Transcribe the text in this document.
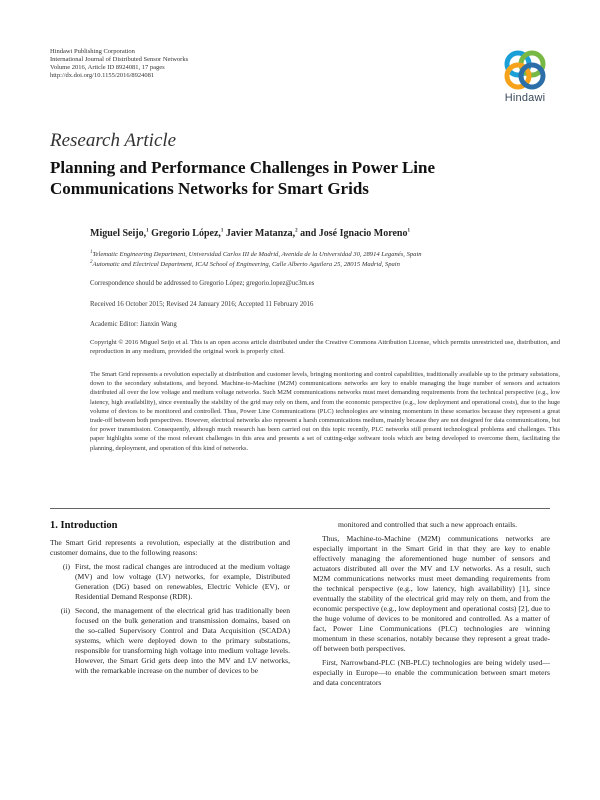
Hindawi Publishing Corporation
International Journal of Distributed Sensor Networks
Volume 2016, Article ID 8924081, 17 pages
http://dx.doi.org/10.1155/2016/8924081
Hindawi
Research Article
Planning and Performance Challenges in Power Line Communications Networks for Smart Grids
Miguel Seijo,$^1$ Gregorio López,$^1$ Javier Matanza,$^2$ and José Ignacio Moreno$^1$
$^1$Telematic Engineering Department, Universidad Carlos III de Madrid, Avenida de la Universidad 30, 28914 Leganés, Spain
$^2$Automatic and Electrical Department, ICAI School of Engineering, Calle Alberto Aguilera 25, 28015 Madrid, Spain
Correspondence should be addressed to Gregorio López; gregorio.lopez@uc3m.es
Received 16 October 2015; Revised 24 January 2016; Accepted 11 February 2016
Academic Editor: Jianxin Wang
Copyright © 2016 Miguel Seijo et al. This is an open access article distributed under the Creative Commons Attribution License, which permits unrestricted use, distribution, and reproduction in any medium, provided the original work is properly cited.
The Smart Grid represents a revolution especially at distribution and customer levels, bringing monitoring and control capabilities, traditionally available up to the primary substations, down to the secondary substations, and beyond. Machine-to-Machine (M2M) communications networks are key to enable managing the huge number of sensors and actuators distributed all over the low voltage and medium voltage networks. Such M2M communications networks must meet demanding requirements from the technical perspective (e.g., low latency, high availability), since eventually the stability of the grid may rely on them, and from the economic perspective (e.g., low deployment and operational costs), due to the huge volume of devices to be monitored and controlled. Thus, Power Line Communications (PLC) technologies are winning momentum in these scenarios because they represent a great trade-off between both perspectives. However, electrical networks also represent a harsh communications medium, mainly because they are not designed for data communications, but for power transmission. Consequently, although much research has been carried out on this topic recently, PLC networks still present technological problems and challenges. This paper highlights some of the most relevant challenges in this area and presents a set of cutting-edge software tools which are being developed to overcome them, facilitating the planning, deployment, and operation of this kind of networks.
1. Introduction
The Smart Grid represents a revolution, especially at the distribution and customer domains, due to the following reasons:
(i) First, the most radical changes are introduced at the medium voltage (MV) and low voltage (LV) networks, for example, Distributed Generation (DG) based on renewables, Electric Vehicle (EV), or Residential Demand Response (RDR).
(ii) Second, the management of the electrical grid has traditionally been focused on the bulk generation and transmission domains, based on the so-called Supervisory Control and Data Acquisition (SCADA) systems, which were deployed down to the primary substations, responsible for transforming high voltage into medium voltage levels. However, the Smart Grid gets deep into the MV and LV networks, with the remarkable increase on the number of devices to be
monitored and controlled that such a new approach entails.
Thus, Machine-to-Machine (M2M) communications networks are especially important in the Smart Grid in that they are key to enable effectively managing the aforementioned huge number of sensors and actuators distributed all over the MV and LV networks. As a result, such M2M communications networks must meet demanding requirements from the technical perspective (e.g., low latency, high availability) [1], since eventually the stability of the electrical grid may rely on them, and from the economic perspective (e.g., low deployment and operational costs) [2], due to the huge volume of devices to be monitored and controlled. As a matter of fact, Power Line Communications (PLC) technologies are winning momentum in these scenarios, notably because they represent a great trade-off between both perspectives.
First, Narrowband-PLC (NB-PLC) technologies are being widely used—especially in Europe—to enable the communication between smart meters and data concentrators
